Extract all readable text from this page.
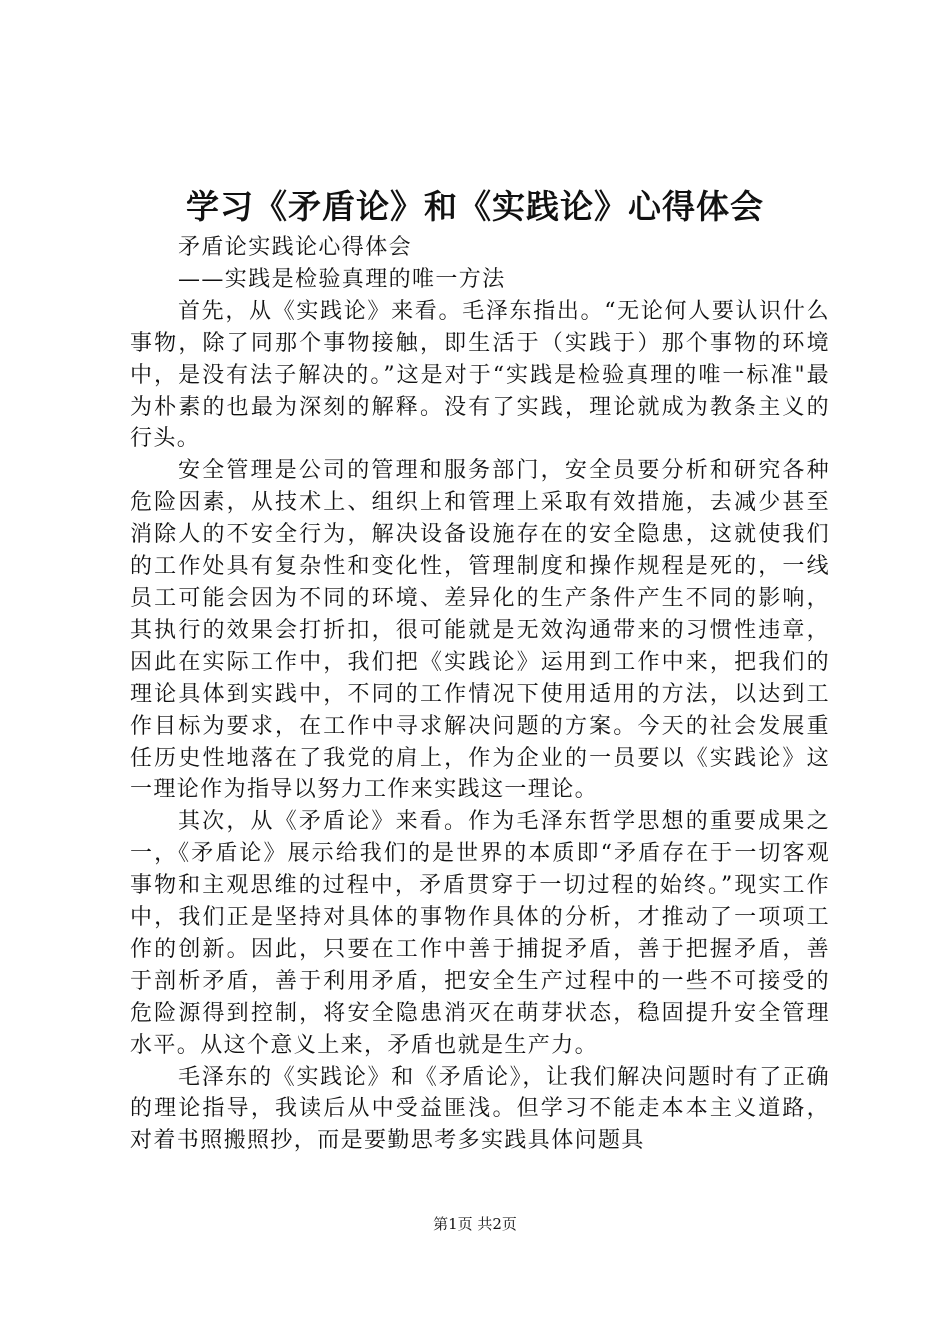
学习《矛盾论》和《实践论》心得体会

矛盾论实践论心得体会

——实践是检验真理的唯一方法

首先，从《实践论》来看。毛泽东指出。“无论何人要认识什么事物，除了同那个事物接触，即生活于（实践于）那个事物的环境中，是没有法子解决的。”这是对于“实践是检验真理的唯一标准"最为朴素的也最为深刻的解释。没有了实践，理论就成为教条主义的行头。

安全管理是公司的管理和服务部门，安全员要分析和研究各种危险因素，从技术上、组织上和管理上采取有效措施，去减少甚至消除人的不安全行为，解决设备设施存在的安全隐患，这就使我们的工作处具有复杂性和变化性，管理制度和操作规程是死的，一线员工可能会因为不同的环境、差异化的生产条件产生不同的影响，其执行的效果会打折扣，很可能就是无效沟通带来的习惯性违章，因此在实际工作中，我们把《实践论》运用到工作中来，把我们的理论具体到实践中，不同的工作情况下使用适用的方法，以达到工作目标为要求，在工作中寻求解决问题的方案。今天的社会发展重任历史性地落在了我党的肩上，作为企业的一员要以《实践论》这一理论作为指导以努力工作来实践这一理论。

其次，从《矛盾论》来看。作为毛泽东哲学思想的重要成果之一，《矛盾论》展示给我们的是世界的本质即“矛盾存在于一切客观事物和主观思维的过程中，矛盾贯穿于一切过程的始终。”现实工作中，我们正是坚持对具体的事物作具体的分析，才推动了一项项工作的创新。因此，只要在工作中善于捕捉矛盾，善于把握矛盾，善于剖析矛盾，善于利用矛盾，把安全生产过程中的一些不可接受的危险源得到控制，将安全隐患消灭在萌芽状态，稳固提升安全管理水平。从这个意义上来，矛盾也就是生产力。

毛泽东的《实践论》和《矛盾论》，让我们解决问题时有了正确的理论指导，我读后从中受益匪浅。但学习不能走本本主义道路，对着书照搬照抄，而是要勤思考多实践具体问题具

第1页 共2页
